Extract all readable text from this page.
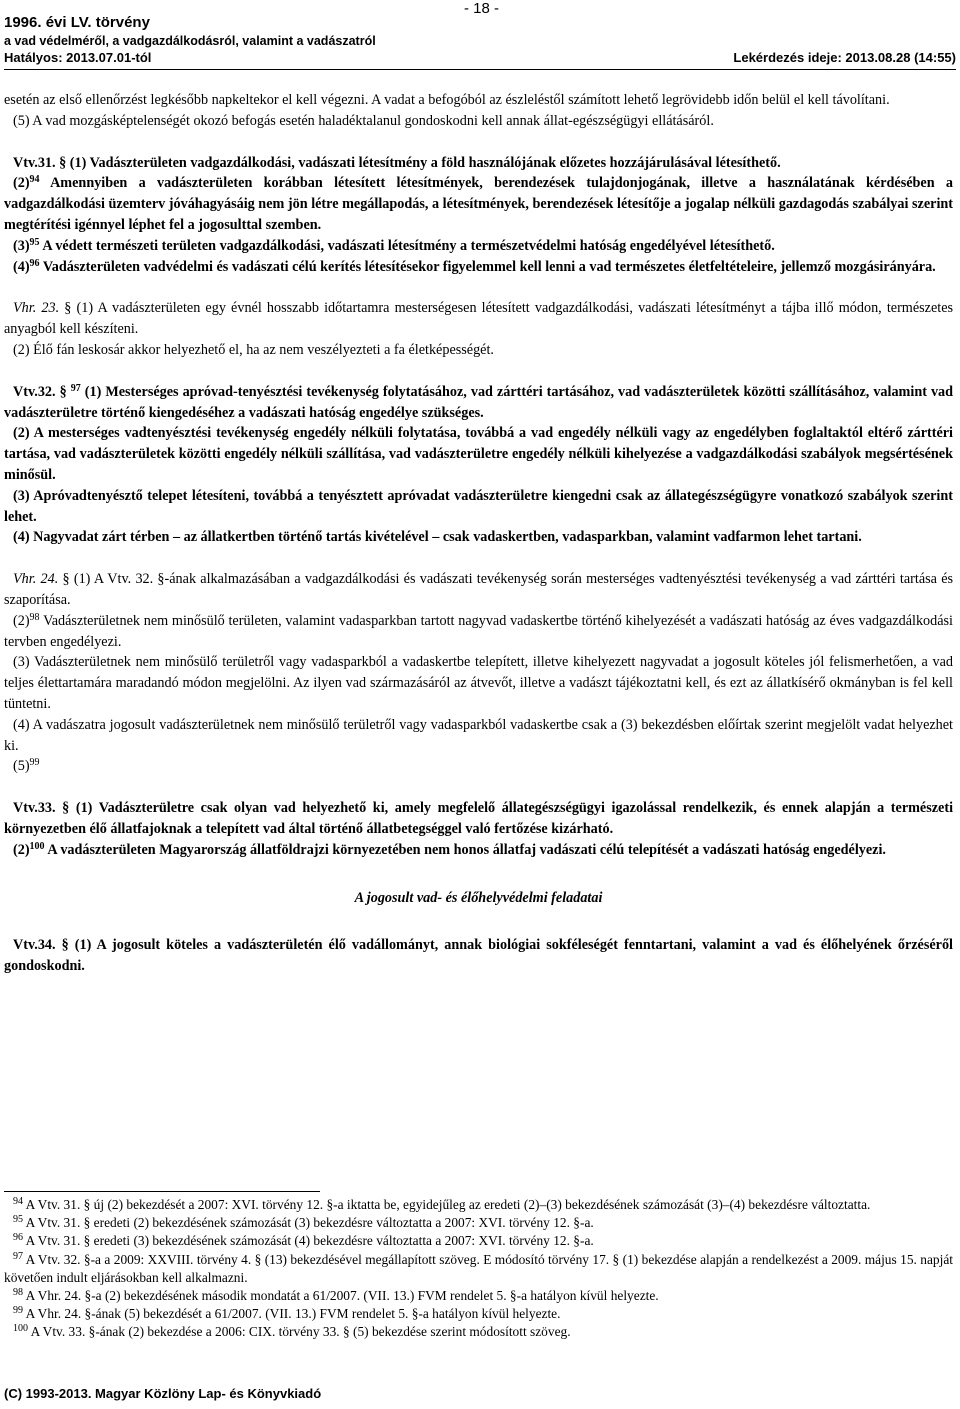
1996. évi LV. törvény
a vad védelméről, a vadgazdálkodásról, valamint a vadászatról
Hatályos: 2013.07.01-tól
- 18 -
Lekérdezés ideje: 2013.08.28 (14:55)

esetén az első ellenőrzést legkésőbb napkeltekor el kell végezni. A vadat a befogóból az észleléstől számított lehető legrövidebb időn belül el kell távolítani.

(5) A vad mozgásképtelenségét okozó befogás esetén haladéktalanul gondoskodni kell annak állat-egészségügyi ellátásáról.

Vtv.31. § (1) Vadászterületen vadgazdálkodási, vadászati létesítmény a föld használójának előzetes hozzájárulásával létesíthető.

$(2)^{94}$ Amennyiben a vadászterületen korábban létesített létesítmények, berendezések tulajdonjogának, illetve a használatának kérdésében a vadgazdálkodási üzemterv jóváhagyásáig nem jön létre megállapodás, a létesítmények, berendezések létesítője a jogalap nélküli gazdagodás szabályai szerint megtérítési igénnyel léphet fel a jogosulttal szemben.

$(3)^{95}$ A védett természeti területen vadgazdálkodási, vadászati létesítmény a természetvédelmi hatóság engedélyével létesíthető.

$(4)^{96}$ Vadászterületen vadvédelmi és vadászati célú kerítés létesítésekor figyelemmel kell lenni a vad természetes életfeltételeire, jellemző mozgásirányára.

Vhr. 23. § (1) A vadászterületen egy évnél hosszabb időtartamra mesterségesen létesített vadgazdálkodási, vadászati létesítményt a tájba illő módon, természetes anyagból kell készíteni.

(2) Élő fán leskosár akkor helyezhető el, ha az nem veszélyezteti a fa életképességét.

Vtv.32. § $^{97}$ (1) Mesterséges apróvad-tenyésztési tevékenység folytatásához, vad zárttéri tartásához, vad vadászterületek közötti szállításához, valamint vad vadászterületre történő kiengedéséhez a vadászati hatóság engedélye szükséges.

(2) A mesterséges vadtenyésztési tevékenység engedély nélküli folytatása, továbbá a vad engedély nélküli vagy az engedélyben foglaltaktól eltérő zárttéri tartása, vad vadászterületek közötti engedély nélküli szállítása, vad vadászterületre engedély nélküli kihelyezése a vadgazdálkodási szabályok megsértésének minősül.

(3) Apróvadtenyésztő telepet létesíteni, továbbá a tenyésztett apróvadat vadászterületre kiengedni csak az állategészségügyre vonatkozó szabályok szerint lehet.

(4) Nagyvadat zárt térben – az állatkertben történő tartás kivételével – csak vadaskertben, vadasparkban, valamint vadfarmon lehet tartani.

Vhr. 24. § (1) A Vtv. 32. §-ának alkalmazásában a vadgazdálkodási és vadászati tevékenység során mesterséges vadtenyésztési tevékenység a vad zárttéri tartása és szaporítása.

$(2)^{98}$ Vadászterületnek nem minősülő területen, valamint vadasparkban tartott nagyvad vadaskertbe történő kihelyezését a vadászati hatóság az éves vadgazdálkodási tervben engedélyezi.

(3) Vadászterületnek nem minősülő területről vagy vadasparkból a vadaskertbe telepített, illetve kihelyezett nagyvadat a jogosult köteles jól felismerhetően, a vad teljes élettartamára maradandó módon megjelölni. Az ilyen vad származásáról az átvevőt, illetve a vadászt tájékoztatni kell, és ezt az állatkísérő okmányban is fel kell tüntetni.

(4) A vadászatra jogosult vadászterületnek nem minősülő területről vagy vadasparkból vadaskertbe csak a (3) bekezdésben előírtak szerint megjelölt vadat helyezhet ki.

$(5)^{99}$

Vtv.33. § (1) Vadászterületre csak olyan vad helyezhető ki, amely megfelelő állategészségügyi igazolással rendelkezik, és ennek alapján a természeti környezetben élő állatfajoknak a telepített vad által történő állatbetegséggel való fertőzése kizárható.

$(2)^{100}$ A vadászterületen Magyarország állatföldrajzi környezetében nem honos állatfaj vadászati célú telepítését a vadászati hatóság engedélyezi.

A jogosult vad- és élőhelyvédelmi feladatai

Vtv.34. § (1) A jogosult köteles a vadászterületén élő vadállományt, annak biológiai sokféleségét fenntartani, valamint a vad és élőhelyének őrzéséről gondoskodni.

$^{94}$ A Vtv. 31. § új (2) bekezdését a 2007: XVI. törvény 12. §-a iktatta be, egyidejűleg az eredeti (2)–(3) bekezdésének számozását (3)–(4) bekezdésre változtatta.

$^{95}$ A Vtv. 31. § eredeti (2) bekezdésének számozását (3) bekezdésre változtatta a 2007: XVI. törvény 12. §-a.

$^{96}$ A Vtv. 31. § eredeti (3) bekezdésének számozását (4) bekezdésre változtatta a 2007: XVI. törvény 12. §-a.

$^{97}$ A Vtv. 32. §-a a 2009: XXVIII. törvény 4. § (13) bekezdésével megállapított szöveg. E módosító törvény 17. § (1) bekezdése alapján a rendelkezést a 2009. május 15. napját követően indult eljárásokban kell alkalmazni.

$^{98}$ A Vhr. 24. §-a (2) bekezdésének második mondatát a 61/2007. (VII. 13.) FVM rendelet 5. §-a hatályon kívül helyezte.

$^{99}$ A Vhr. 24. §-ának (5) bekezdését a 61/2007. (VII. 13.) FVM rendelet 5. §-a hatályon kívül helyezte.

$^{100}$ A Vtv. 33. §-ának (2) bekezdése a 2006: CIX. törvény 33. § (5) bekezdése szerint módosított szöveg.

(C) 1993-2013. Magyar Közlöny Lap- és Könyvkiadó
